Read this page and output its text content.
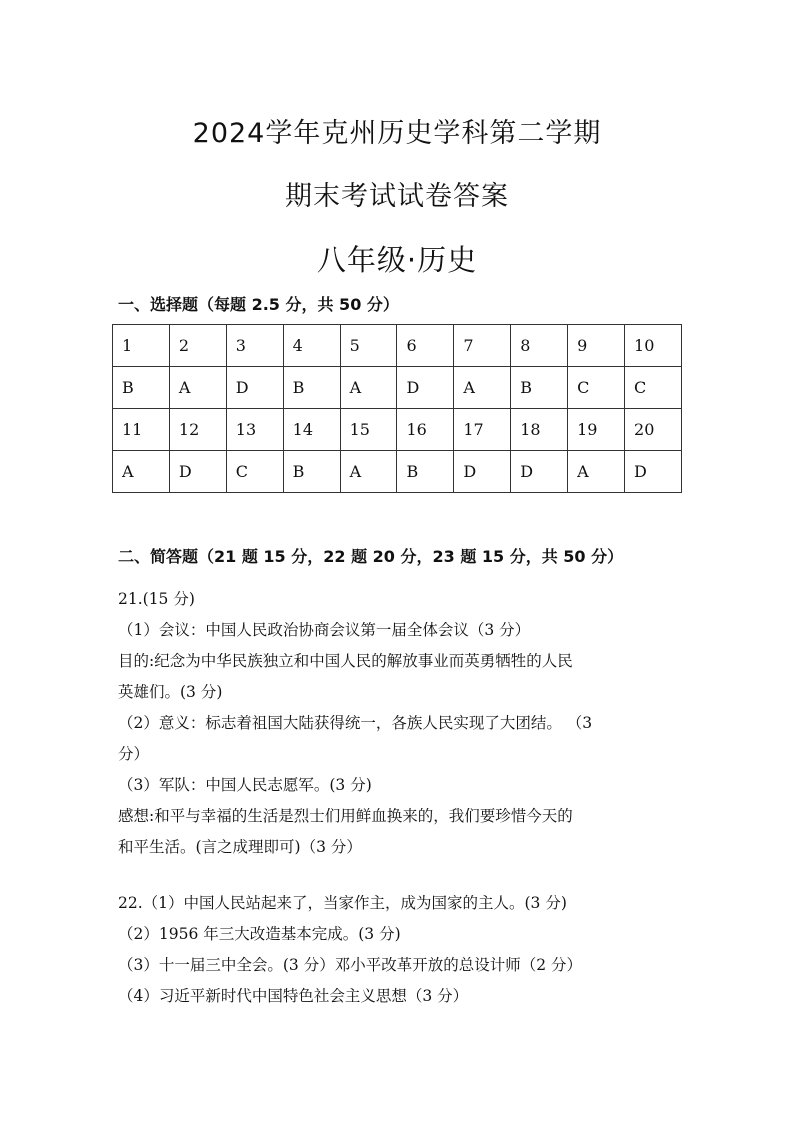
2024学年克州历史学科第二学期
期末考试试卷答案
八年级·历史
一、选择题（每题 2.5 分，共 50 分）
1	2	3	4	5	6	7	8	9	10
B	A	D	B	A	D	A	B	C	C
11	12	13	14	15	16	17	18	19	20
A	D	C	B	A	B	D	D	A	D
二、简答题（21 题 15 分，22 题 20 分，23 题 15 分，共 50 分）
21.(15 分)
（1）会议：中国人民政治协商会议第一届全体会议（3 分）
目的:纪念为中华民族独立和中国人民的解放事业而英勇牺牲的人民
英雄们。(3 分)
（2）意义：标志着祖国大陆获得统一，各族人民实现了大团结。 （3
分）
（3）军队：中国人民志愿军。(3 分)
感想:和平与幸福的生活是烈士们用鲜血换来的，我们要珍惜今天的
和平生活。(言之成理即可)（3 分）
22.（1）中国人民站起来了，当家作主，成为国家的主人。(3 分)
（2）1956 年三大改造基本完成。(3 分)
（3）十一届三中全会。(3 分）邓小平改革开放的总设计师（2 分）
（4）习近平新时代中国特色社会主义思想（3 分）
